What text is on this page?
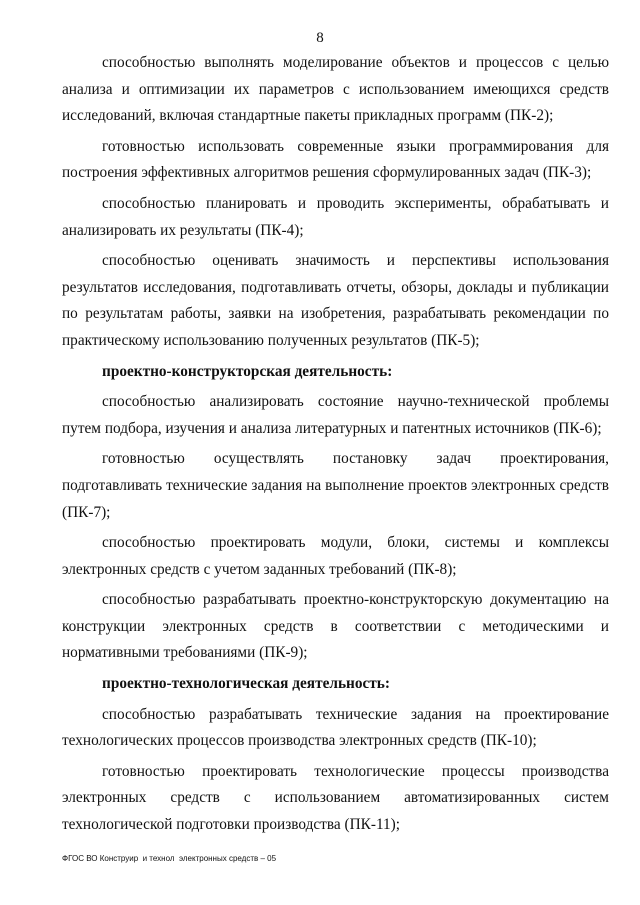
8

способностью выполнять моделирование объектов и процессов с целью анализа и оптимизации их параметров с использованием имеющихся средств исследований, включая стандартные пакеты прикладных программ (ПК-2);

готовностью использовать современные языки программирования для построения эффективных алгоритмов решения сформулированных задач (ПК-3);

способностью планировать и проводить эксперименты, обрабатывать и анализировать их результаты (ПК-4);

способностью оценивать значимость и перспективы использования результатов исследования, подготавливать отчеты, обзоры, доклады и публикации по результатам работы, заявки на изобретения, разрабатывать рекомендации по практическому использованию полученных результатов (ПК-5);

проектно-конструкторская деятельность:

способностью анализировать состояние научно-технической проблемы путем подбора, изучения и анализа литературных и патентных источников (ПК-6);

готовностью осуществлять постановку задач проектирования, подготавливать технические задания на выполнение проектов электронных средств (ПК-7);

способностью проектировать модули, блоки, системы и комплексы электронных средств с учетом заданных требований (ПК-8);

способностью разрабатывать проектно-конструкторскую документацию на конструкции электронных средств в соответствии с методическими и нормативными требованиями (ПК-9);

проектно-технологическая деятельность:

способностью разрабатывать технические задания на проектирование технологических процессов производства электронных средств (ПК-10);

готовностью проектировать технологические процессы производства электронных средств с использованием автоматизированных систем технологической подготовки производства (ПК-11);

ФГОС ВО Конструир  и технол  электронных средств – 05
